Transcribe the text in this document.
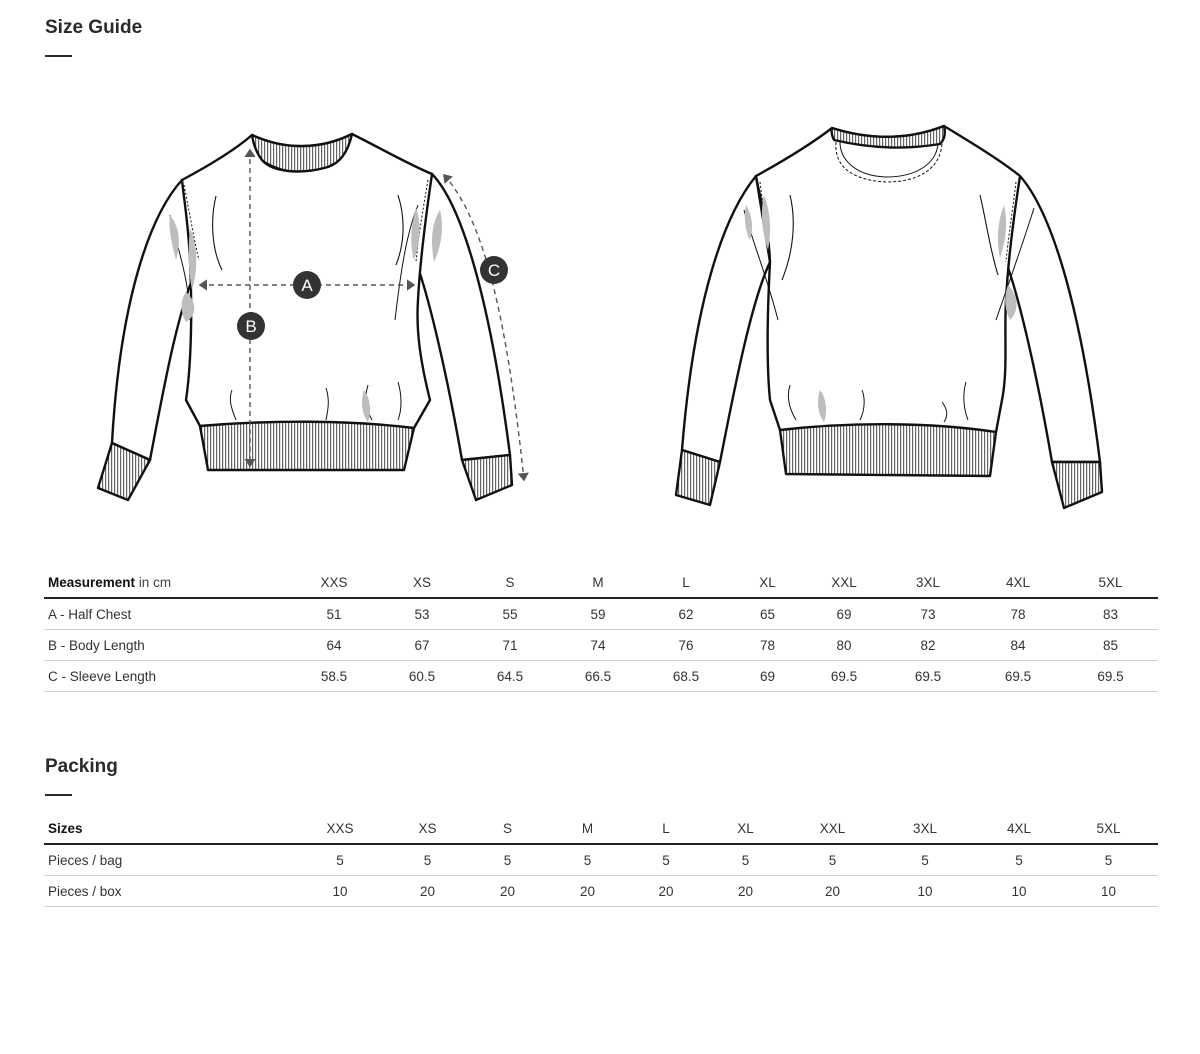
Size Guide
A
B
C
Measurement in cm	XXS	XS	S	M	L	XL	XXL	3XL	4XL	5XL
A - Half Chest	51	53	55	59	62	65	69	73	78	83
B - Body Length	64	67	71	74	76	78	80	82	84	85
C - Sleeve Length	58.5	60.5	64.5	66.5	68.5	69	69.5	69.5	69.5	69.5
Packing
Sizes	XXS	XS	S	M	L	XL	XXL	3XL	4XL	5XL
Pieces / bag	5	5	5	5	5	5	5	5	5	5
Pieces / box	10	20	20	20	20	20	20	10	10	10
